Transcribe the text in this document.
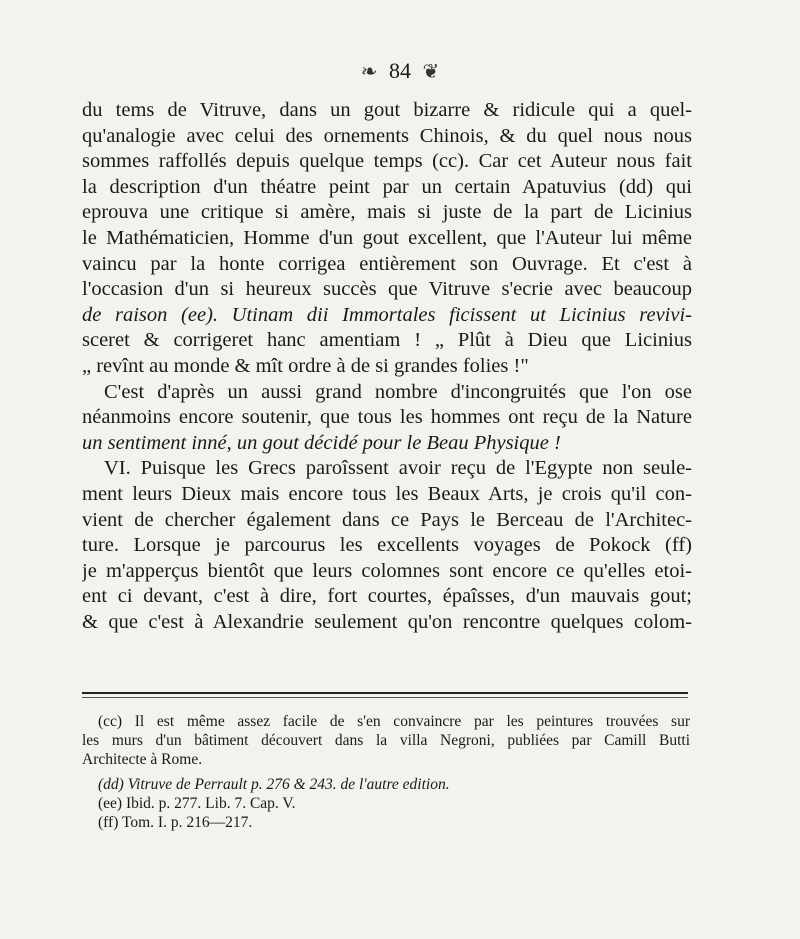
❧ 84 ❦
du tems de Vitruve, dans un gout bizarre & ridicule qui a quel-
qu'analogie avec celui des ornements Chinois, & du quel nous nous
sommes raffollés depuis quelque temps (cc). Car cet Auteur nous fait
la description d'un théatre peint par un certain Apatuvius (dd) qui
eprouva une critique si amère, mais si juste de la part de Licinius
le Mathématicien, Homme d'un gout excellent, que l'Auteur lui même
vaincu par la honte corrigea entièrement son Ouvrage. Et c'est à
l'occasion d'un si heureux succès que Vitruve s'ecrie avec beaucoup
de raison (ee). Utinam dii Immortales ficissent ut Licinius revivi-
sceret & corrigeret hanc amentiam ! „ Plût à Dieu que Licinius
„ revînt au monde & mît ordre à de si grandes folies !"
C'est d'après un aussi grand nombre d'incongruités que l'on ose
néanmoins encore soutenir, que tous les hommes ont reçu de la Nature
un sentiment inné, un gout décidé pour le Beau Physique !
VI. Puisque les Grecs paroîssent avoir reçu de l'Egypte non seule-
ment leurs Dieux mais encore tous les Beaux Arts, je crois qu'il con-
vient de chercher également dans ce Pays le Berceau de l'Architec-
ture. Lorsque je parcourus les excellents voyages de Pokock (ff)
je m'apperçus bientôt que leurs colomnes sont encore ce qu'elles etoi-
ent ci devant, c'est à dire, fort courtes, épaîsses, d'un mauvais gout;
& que c'est à Alexandrie seulement qu'on rencontre quelques colom-
(cc) Il est même assez facile de s'en convaincre par les peintures trouvées sur
les murs d'un bâtiment découvert dans la villa Negroni, publiées par Camill Butti
Architecte à Rome.
(dd) Vitruve de Perrault p. 276 & 243. de l'autre edition.
(ee) Ibid. p. 277. Lib. 7. Cap. V.
(ff) Tom. I. p. 216—217.
